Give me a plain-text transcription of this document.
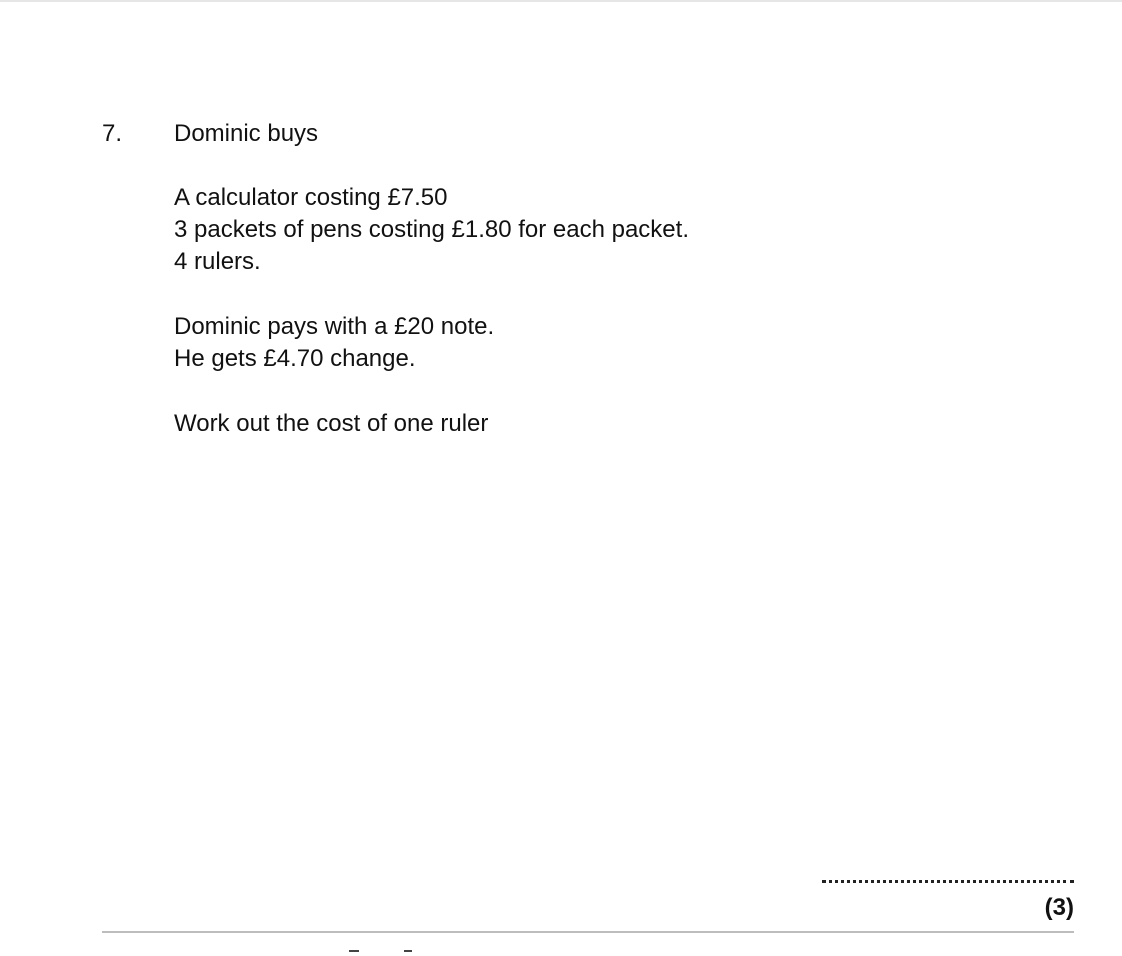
7. Dominic buys
A calculator costing £7.50
3 packets of pens costing £1.80 for each packet.
4 rulers.
Dominic pays with a £20 note.
He gets £4.70 change.
Work out the cost of one ruler
(3)
